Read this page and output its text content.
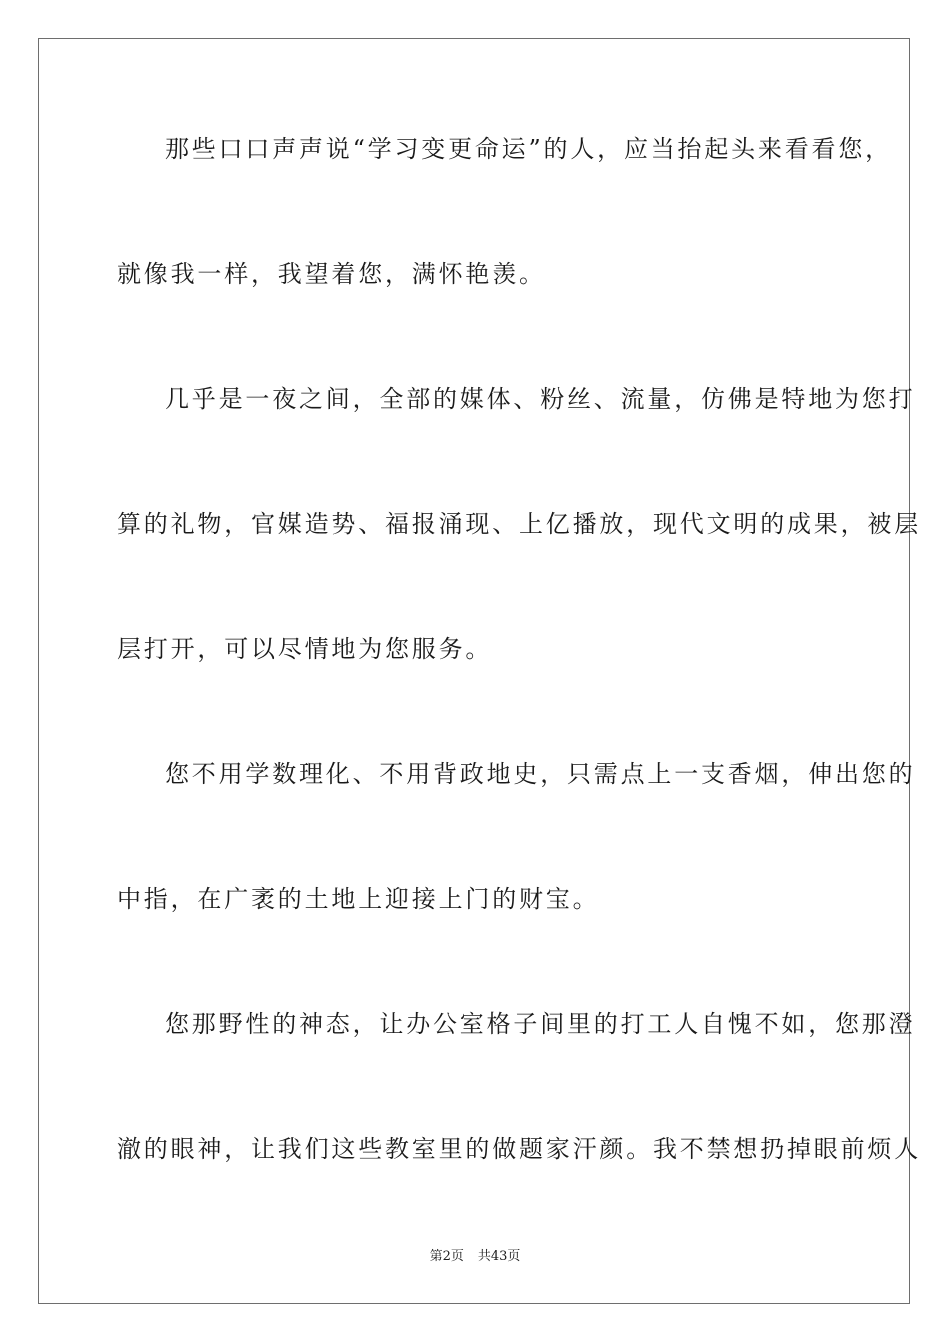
那些口口声声说“学习变更命运”的人，应当抬起头来看看您，
就像我一样，我望着您，满怀艳羡。
几乎是一夜之间，全部的媒体、粉丝、流量，仿佛是特地为您打
算的礼物，官媒造势、福报涌现、上亿播放，现代文明的成果，被层
层打开，可以尽情地为您服务。
您不用学数理化、不用背政地史，只需点上一支香烟，伸出您的
中指，在广袤的土地上迎接上门的财宝。
您那野性的神态，让办公室格子间里的打工人自愧不如，您那澄
澈的眼神，让我们这些教室里的做题家汗颜。我不禁想扔掉眼前烦人
第2页 共43页
